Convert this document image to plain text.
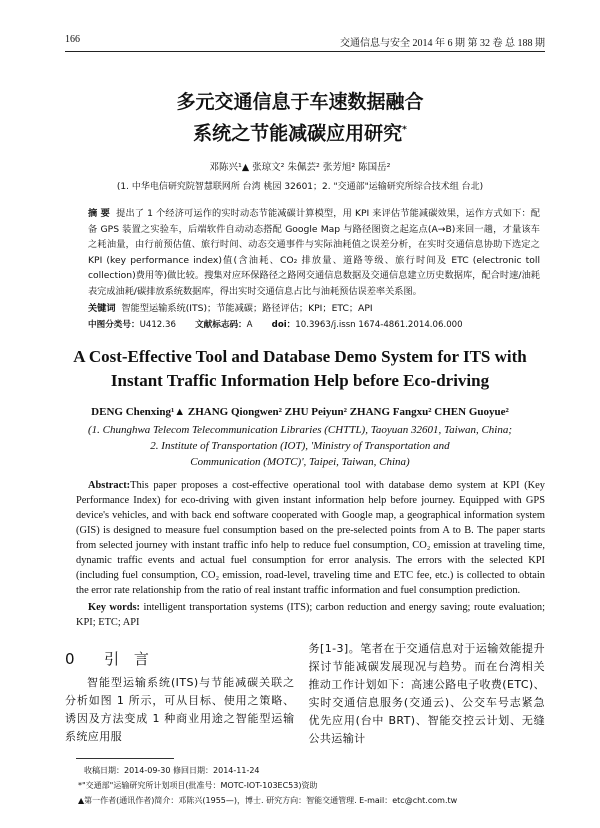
166	交通信息与安全 2014 年 6 期 第 32 卷 总 188 期
多元交通信息于车速数据融合
系统之节能减碳应用研究*
邓陈兴¹▲ 张琼文² 朱佩芸² 张芳旭² 陈国岳²
(1. 中华电信研究院智慧联网所 台湾 桃园 32601；2. "交通部"运输研究所综合技术组 台北)
摘 要 提出了 1 个经济可运作的实时动态节能减碳计算模型，用 KPI 来评估节能减碳效果，运作方式如下：配备 GPS 装置之实验车，后端软件自动动态搭配 Google Map 与路径图资之起迄点(A→B)来回一趟，才量该车之耗油量，由行前预估值、旅行时间、动态交通事件与实际油耗值之误差分析，在实时交通信息协助下选定之 KPI (key performance index)值(含油耗、CO₂ 排放量、道路等级、旅行时间及 ETC (electronic toll collection)费用等)做比较。搜集对应环保路径之路网交通信息数据及交通信息建立历史数据库，配合时速/油耗表完成油耗/碳排放系统数据库，得出实时交通信息占比与油耗预估误差率关系图。
关键词 智能型运输系统(ITS)；节能减碳；路径评估；KPI；ETC；API
中图分类号：U412.36 文献标志码：A doi：10.3963/j.issn 1674-4861.2014.06.000
A Cost-Effective Tool and Database Demo System for ITS with
Instant Traffic Information Help before Eco-driving
DENG Chenxing¹▲ ZHANG Qiongwen² ZHU Peiyun² ZHANG Fangxu² CHEN Guoyue²
(1. Chunghwa Telecom Telecommunication Libraries (CHTTL), Taoyuan 32601, Taiwan, China;
2. Institute of Transportation (IOT), 'Ministry of Transportation and
Communication (MOTC)', Taipei, Taiwan, China)
Abstract:This paper proposes a cost-effective operational tool with database demo system at KPI (Key Performance Index) for eco-driving with given instant information help before journey. Equipped with GPS device's vehicles, and with back end software cooperated with Google map, a geographical information system (GIS) is designed to measure fuel consumption based on the pre-selected points from A to B. The paper starts from selected journey with instant traffic info help to reduce fuel consumption, CO₂ emission at traveling time, dynamic traffic events and actual fuel consumption for error analysis. The errors with the selected KPI (including fuel consumption, CO₂ emission, road-level, traveling time and ETC fee, etc.) is collected to obtain the error rate relationship from the ratio of real instant traffic information and fuel consumption prediction.
Key words: intelligent transportation systems (ITS); carbon reduction and energy saving; route evaluation; KPI; ETC; API
0 引 言
智能型运输系统(ITS)与节能减碳关联之分析如图 1 所示，可从目标、使用之策略、诱因及方法变成 1 种商业用途之智能型运输系统应用服
务[1-3]。笔者在于交通信息对于运输效能提升探讨节能减碳发展现况与趋势。而在台湾相关推动工作计划如下：高速公路电子收费(ETC)、实时交通信息服务(交通云)、公交车号志紧急优先应用(台中 BRT)、智能交控云计划、无缝公共运输计
收稿日期：2014-09-30 修回日期：2014-11-24
*"交通部"运输研究所计划项目(批准号：MOTC-IOT-103EC53)资助
▲第一作者(通讯作者)简介：邓陈兴(1955—)，博士. 研究方向：智能交通管理. E-mail：etc@cht.com.tw
